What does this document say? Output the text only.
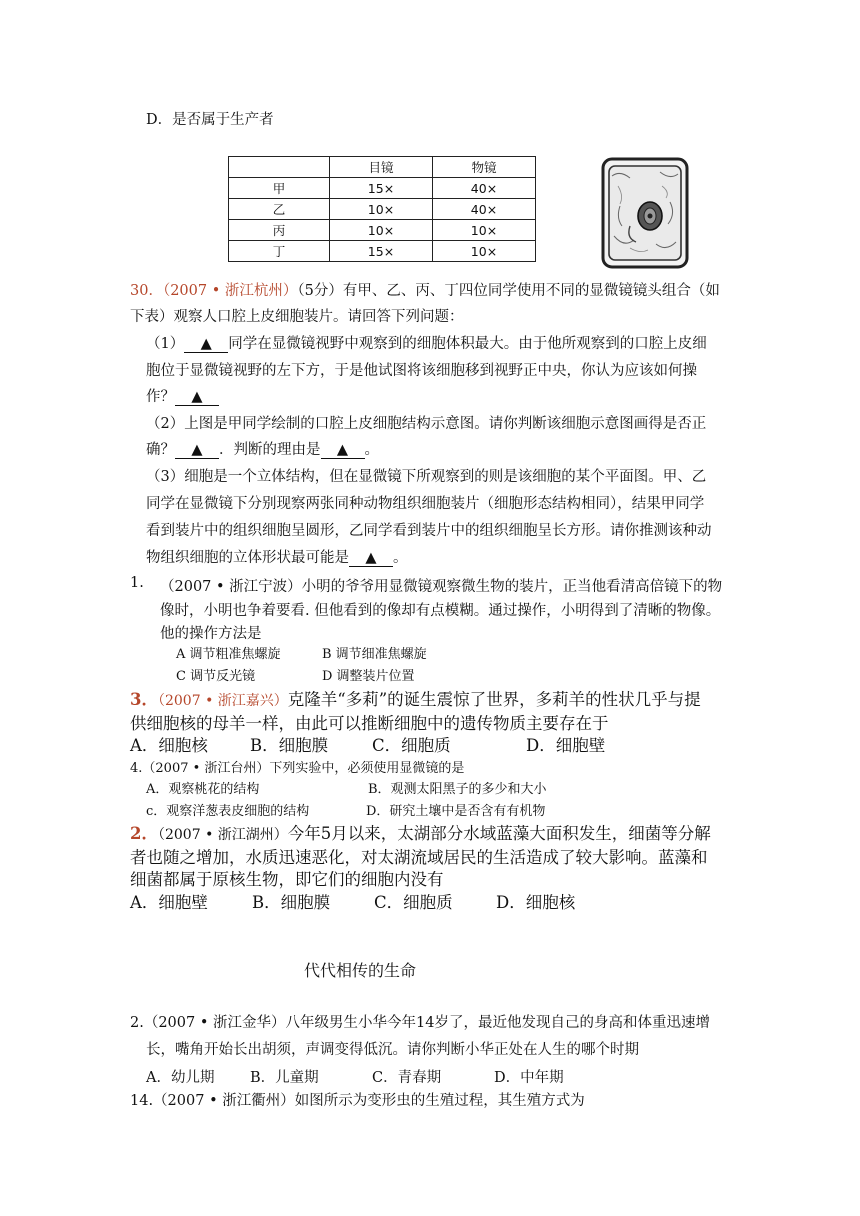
D．是否属于生产者
	目镜	物镜
甲	15×	40×
乙	10×	40×
丙	10×	10×
丁	15×	10×
30．（2007 • 浙江杭州）（5分）有甲、乙、丙、丁四位同学使用不同的显微镜镜头组合（如
下表）观察人口腔上皮细胞装片。请回答下列问题：
（1） ▲ 同学在显微镜视野中观察到的细胞体积最大。由于他所观察到的口腔上皮细
胞位于显微镜视野的左下方，于是他试图将该细胞移到视野正中央，你认为应该如何操
作？ ▲
（2）上图是甲同学绘制的口腔上皮细胞结构示意图。请你判断该细胞示意图画得是否正
确？ ▲ ．判断的理由是 ▲ 。
（3）细胞是一个立体结构，但在显微镜下所观察到的则是该细胞的某个平面图。甲、乙
同学在显微镜下分别现察两张同种动物组织细胞装片（细胞形态结构相同），结果甲同学
看到装片中的组织细胞呈圆形，乙同学看到装片中的组织细胞呈长方形。请你推测该种动
物组织细胞的立体形状最可能是 ▲ 。
1. （2007 • 浙江宁波）小明的爷爷用显微镜观察微生物的装片，正当他看清高倍镜下的物
像时，小明也争着要看. 但他看到的像却有点模糊。通过操作，小明得到了清晰的物像。
他的操作方法是
A 调节粗准焦螺旋	B 调节细准焦螺旋
C 调节反光镜	D 调整装片位置
3．（2007 • 浙江嘉兴）克隆羊“多莉”的诞生震惊了世界，多莉羊的性状几乎与提
供细胞核的母羊一样，由此可以推断细胞中的遗传物质主要存在于
A．细胞核	B．细胞膜	C．细胞质	D．细胞壁
4.（2007 • 浙江台州）下列实验中，必须使用显微镜的是
A．观察桃花的结构	B．观测太阳黑子的多少和大小
c．观察洋葱表皮细胞的结构	D．研究土壤中是否含有有机物
2．（2007 • 浙江湖州）今年5月以来，太湖部分水域蓝藻大面积发生，细菌等分解
者也随之增加，水质迅速恶化，对太湖流域居民的生活造成了较大影响。蓝藻和
细菌都属于原核生物，即它们的细胞内没有
A．细胞壁	B．细胞膜	C．细胞质	D．细胞核
代代相传的生命
2.（2007 • 浙江金华）八年级男生小华今年14岁了，最近他发现自己的身高和体重迅速增
长，嘴角开始长出胡须，声调变得低沉。请你判断小华正处在人生的哪个时期
A．幼儿期 B．儿童期	C．青春期	D．中年期
14.（2007 • 浙江衢州）如图所示为变形虫的生殖过程，其生殖方式为
